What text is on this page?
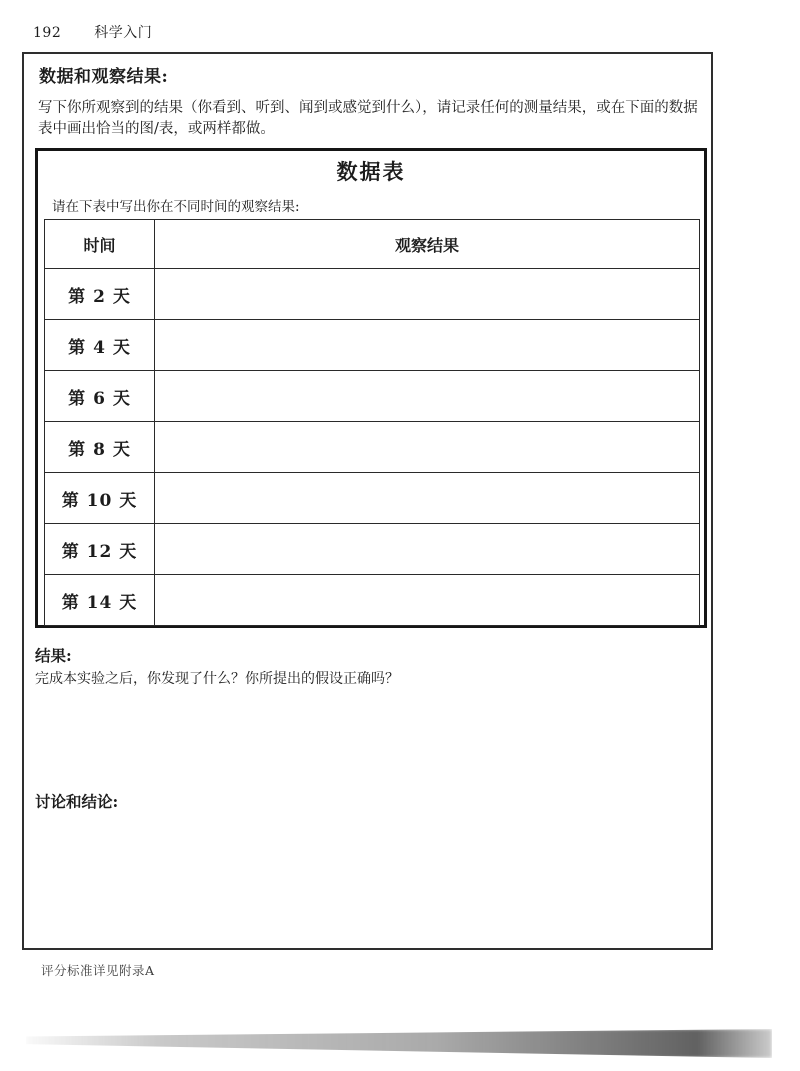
192 科学入门
数据和观察结果:
写下你所观察到的结果（你看到、听到、闻到或感觉到什么），请记录任何的测量结果，或在下面的数据表中画出恰当的图/表，或两样都做。
数据表
请在下表中写出你在不同时间的观察结果:
时间	观察结果
第 2 天	
第 4 天	
第 6 天	
第 8 天	
第 10 天	
第 12 天	
第 14 天	
结果:
完成本实验之后，你发现了什么？你所提出的假设正确吗？
讨论和结论:
评分标准详见附录A
